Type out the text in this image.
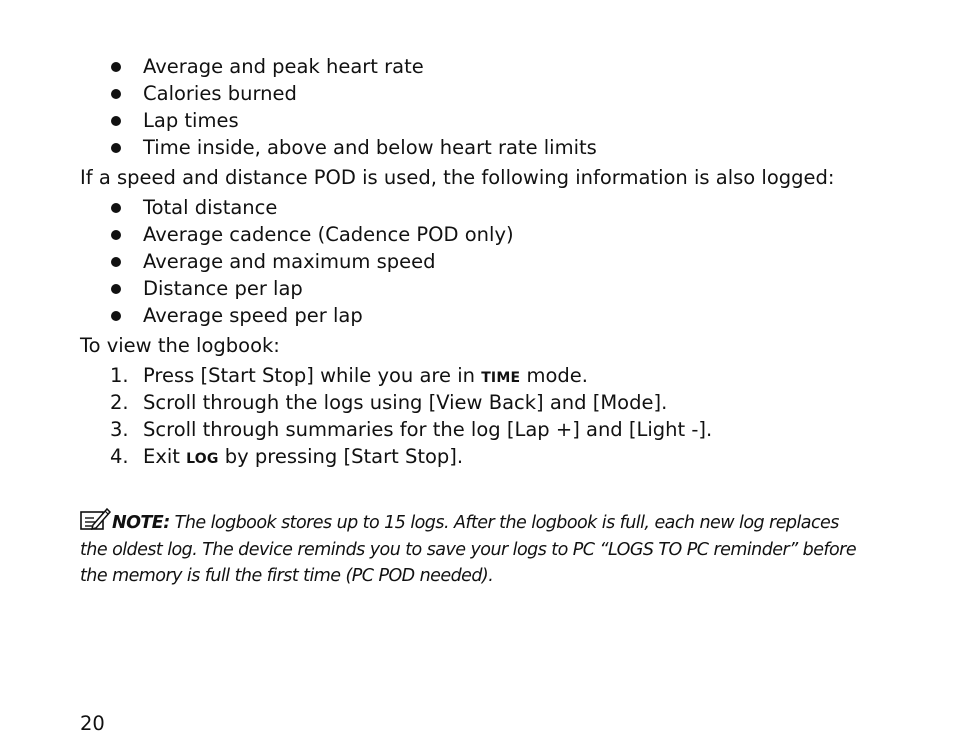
Average and peak heart rate
Calories burned
Lap times
Time inside, above and below heart rate limits
If a speed and distance POD is used, the following information is also logged:
Total distance
Average cadence (Cadence POD only)
Average and maximum speed
Distance per lap
Average speed per lap
To view the logbook:
1. Press [Start Stop] while you are in TIME mode.
2. Scroll through the logs using [View Back] and [Mode].
3. Scroll through summaries for the log [Lap +] and [Light -].
4. Exit LOG by pressing [Start Stop].
NOTE: The logbook stores up to 15 logs. After the logbook is full, each new log replaces
the oldest log. The device reminds you to save your logs to PC “LOGS TO PC reminder” before
the memory is full the first time (PC POD needed).
20
